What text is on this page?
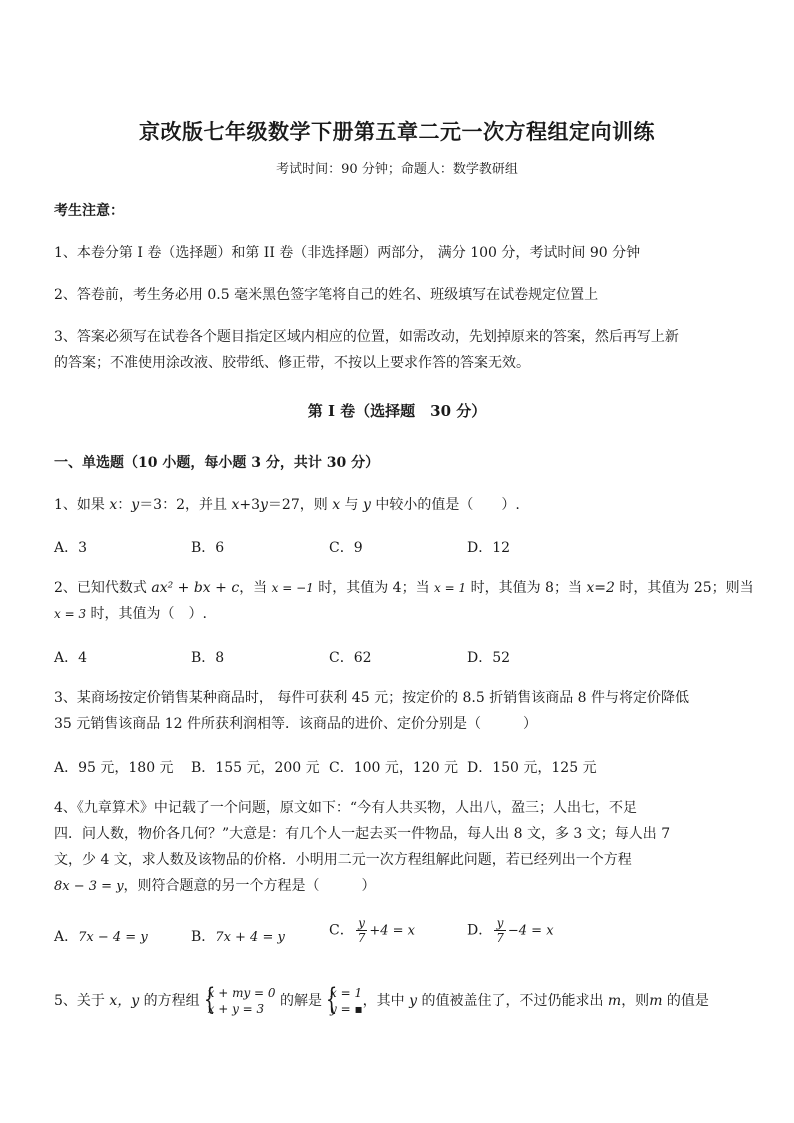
京改版七年级数学下册第五章二元一次方程组定向训练
考试时间：90 分钟；命题人：数学教研组
考生注意：
1、本卷分第 I 卷（选择题）和第 II 卷（非选择题）两部分， 满分 100 分，考试时间 90 分钟
2、答卷前，考生务必用 0.5 毫米黑色签字笔将自己的姓名、班级填写在试卷规定位置上
3、答案必须写在试卷各个题目指定区域内相应的位置，如需改动，先划掉原来的答案，然后再写上新
的答案；不准使用涂改液、胶带纸、修正带，不按以上要求作答的答案无效。
第 I 卷（选择题　30 分）
一、单选题（10 小题，每小题 3 分，共计 30 分）
1、如果 x：y＝3：2，并且 x+3y＝27，则 x 与 y 中较小的值是（　　）.
A．3	B．6	C．9	D．12
2、已知代数式 ax² + bx + c，当 x = −1 时，其值为 4；当 x = 1 时，其值为 8；当 x=2 时，其值为 25；则当
x = 3 时，其值为（　）.
A．4	B．8	C．62	D．52
3、某商场按定价销售某种商品时， 每件可获利 45 元；按定价的 8.5 折销售该商品 8 件与将定价降低
35 元销售该商品 12 件所获利润相等．该商品的进价、定价分别是（　　　）
A．95 元，180 元 B．155 元，200 元 C．100 元，120 元 D．150 元，125 元
4、《九章算术》中记载了一个问题，原文如下：“今有人共买物，人出八，盈三；人出七，不足
四．问人数，物价各几何？”大意是：有几个人一起去买一件物品，每人出 8 文，多 3 文；每人出 7
文，少 4 文，求人数及该物品的价格．小明用二元一次方程组解此问题，若已经列出一个方程
8x − 3 = y，则符合题意的另一个方程是（　　　）
A．7x − 4 = y	B．7x + 4 = y	C． $\frac{y}{7} +4 = x$	D． $\frac{y}{7} -4 = x$
5、关于 x，y 的方程组 {
x + my = 0
x + y = 3 的解是 {
x = 1
y = ▪ ，其中 y 的值被盖住了，不过仍能求出 m，则m 的值是
